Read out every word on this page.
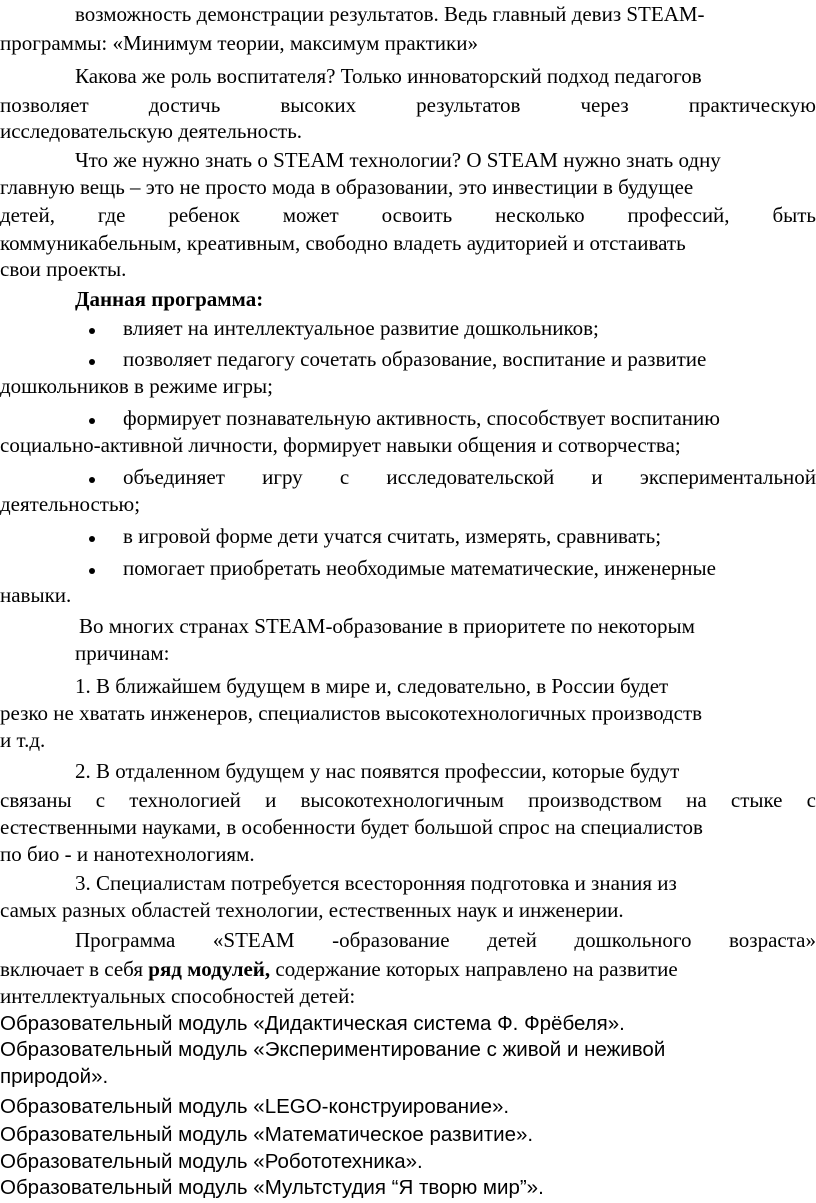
возможность демонстрации результатов. Ведь главный девиз STEAM-
программы: «Минимум теории, максимум практики»
Какова же роль воспитателя? Только инноваторский подход педагогов
позволяет достичь высоких результатов через практическую
исследовательскую деятельность.
Что же нужно знать о STEAM технологии? О STEAM нужно знать одну
главную вещь – это не просто мода в образовании, это инвестиции в будущее
детей, где ребенок может освоить несколько профессий, быть
коммуникабельным, креативным, свободно владеть аудиторией и отстаивать
свои проекты.
Данная программа:
влияет на интеллектуальное развитие дошкольников;
позволяет педагогу сочетать образование, воспитание и развитие
дошкольников в режиме игры;
формирует познавательную активность, способствует воспитанию
социально-активной личности, формирует навыки общения и сотворчества;
объединяет игру с исследовательской и экспериментальной
деятельностью;
в игровой форме дети учатся считать, измерять, сравнивать;
помогает приобретать необходимые математические, инженерные
навыки.
Во многих странах STEAM-образование в приоритете по некоторым
причинам:
1. В ближайшем будущем в мире и, следовательно, в России будет
резко не хватать инженеров, специалистов высокотехнологичных производств
и т.д.
2. В отдаленном будущем у нас появятся профессии, которые будут
связаны с технологией и высокотехнологичным производством на стыке с
естественными науками, в особенности будет большой спрос на специалистов
по био - и нанотехнологиям.
3. Специалистам потребуется всесторонняя подготовка и знания из
самых разных областей технологии, естественных наук и инженерии.
Программа «STEAM -образование детей дошкольного возраста»
включает в себя ряд модулей, содержание которых направлено на развитие
интеллектуальных способностей детей:
Образовательный модуль «Дидактическая система Ф. Фрёбеля».
Образовательный модуль «Экспериментирование с живой и неживой
природой».
Образовательный модуль «LEGO-конструирование».
Образовательный модуль «Математическое развитие».
Образовательный модуль «Робототехника».
Образовательный модуль «Мультстудия “Я творю мир”».
